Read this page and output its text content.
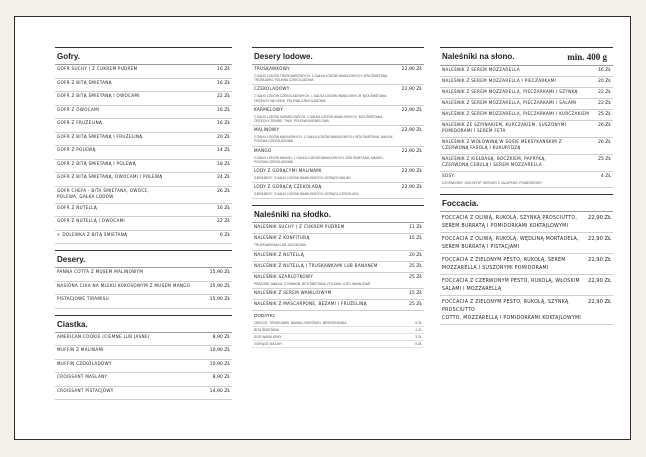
Gofry.
GOFR SUCHY | Z CUKREM PUDREM	16 ZŁ
GOFR Z BITĄ ŚMIETANĄ	16 ZŁ
GOFR Z BITĄ ŚMIETANĄ I OWOCAMI	22 ZŁ
GOFR Z OWOCAMI	16 ZŁ
GOFR Z FRUŻELINĄ	16 ZŁ
GOFR Z BITĄ ŚMIETANĄ I FRUŻELINĄ	20 ZŁ
GOFR Z POLEWĄ	14 ZŁ
GOFR Z BITĄ ŚMIETANĄ I POLEWĄ	18 ZŁ
GOFR Z BITĄ ŚMIETANĄ, OWOCAMI I POLEWĄ	24 ZŁ
GOFR CHEFA - BITA ŚMIETANA, OWOCE,
POLEWA, GAŁKA LODÓW
26 ZŁ
GOFR Z NUTELLĄ	16 ZŁ
GOFR Z NUTELLĄ I OWOCAMI	22 ZŁ
+ DOLEWKA Z BITĄ ŚMIETANĄ	6 ZŁ
Desery.
PANNA COTTA Z MUSEM MALINOWYM	15,90 ZŁ
NASIONA CHIA NA MLEKU KOKOSOWYM Z MUSEM MANGO	15,90 ZŁ
PISTACJOWE TIRAMISU	15,90 ZŁ
Ciastka.
AMERICAN COOKIE (CIEMNE LUB JASNE)	8,90 ZŁ
MUFFIN Z MALINAMI	10,90 ZŁ
MUFFIN CZEKOLADOWY	10,90 ZŁ
CROISSANT MAŚLANY	8,90 ZŁ
CROISSANT PISTACJOWY	14,90 ZŁ
Desery lodowe.
TRUSKAWKOWY
2 GAŁKI LODÓW TRUSKAWKOWYCH, 1 GAŁKA LODÓW WANILIOWYCH, BITA ŚMIETANA, TRUSKAWKI, POLEWA CZEKOLADOWA
22,90 ZŁ
CZEKOLADOWY
2 GAŁKI LODÓW CZEKOLADOWYCH, 1 GAŁKA LODÓW WANILIOWYCH, BITA ŚMIETANA, ORZECHY WŁOSKIE, POLEWA CZEKOLADOWA
22,90 ZŁ
KARMELOWY
2 GAŁKI LODÓW KARMELOWYCH, 1 GAŁKA LODÓW WANILIOWYCH, BITA ŚMIETANA, ORZECHY ZIEMNE, TWIX, POLEWA KARMELOWA
22,90 ZŁ
MALINOWY
2 GAŁKI LODÓW MALINOWYCH, 1 GAŁKA LODÓW WANILIOWYCH, BITA ŚMIETANA, MALINY, POLEWA CZEKOLADOWA
22,90 ZŁ
MANGO
2 GAŁKI LODÓW MANGO, 1 GAŁKA LODÓW WANILIOWYCH, BITA ŚMIETANA, MANGO, POLEWA CZEKOLADOWA
22,90 ZŁ
LODY Z GORĄCYMI MALINAMI
3 MINI BEZY, 3 GAŁKI LODÓW WANILIOWYCH, GORĄCE MALINY
22,90 ZŁ
LODY Z GORĄCĄ CZEKOLADĄ
3 MINI BEZY, 3 GAŁKI LODÓW WANILIOWYCH, GORĄCA CZEKOLADA
22,90 ZŁ
Naleśniki na słodko.
NALEŚNIK SUCHY | Z CUKREM PUDREM	11 ZŁ
NALEŚNIK Z KONFITURĄ
TRUSKAWKOWA LUB JAGODOWA
15 ZŁ
NALEŚNIK Z NUTELLĄ	20 ZŁ
NALEŚNIK Z NUTELLĄ I TRUSKAWKAMI LUB BANANEM	25 ZŁ
NALEŚNIK SZARLOTKOWY
PRAŻONE JABŁKA, CYNAMON, BITA ŚMIETANA, POLEWA, LODY WANILIOWE
25 ZŁ
NALEŚNIK Z SEREM WANILIOWYM	15 ZŁ
NALEŚNIK Z MASCARPONE, BEZAMI I FRUŻELINĄ	25 ZŁ
DODATKI:
OWOCE: TRUSKAWKI, BANAN, BORÓWKI, BRZOSKWINIA	6 ZŁ
BITA ŚMIETANA	4 ZŁ
SOS WANILIOWY	3 ZŁ
GORĄCE MALINY	5 ZŁ
Naleśniki na słono.	min. 400 g
NALEŚNIK Z SEREM MOZZARELLA	16 ZŁ
NALEŚNIK Z SEREM MOZZARELLA I PIECZARKAMI	20 ZŁ
NALEŚNIK Z SEREM MOZZARELLA, PIECZARKAMI I SZYNKĄ	22 ZŁ
NALEŚNIK Z SEREM MOZZARELLA, PIECZARKAMI I SALAMI	22 ZŁ
NALEŚNIK Z SEREM MOZZARELLA, PIECZARKAMI I KURCZAKIEM	25 ZŁ
NALEŚNIK ZE SZPINAKIEM, KURCZAKIEM, SUSZONYMI
POMIDORAMI I SEREM FETA
26 ZŁ
NALEŚNIK Z WOŁOWINĄ W SOSIE MEKSYKAŃSKIM Z
CZERWONĄ FASOLĄ I KUKURYDZĄ
26 ZŁ
NALEŚNIK Z KIEŁBASĄ, BOCZKIEM, PAPRYKĄ,
CZERWONĄ CEBULĄ I SEREM MOZZARELLA
25 ZŁ
SOSY:
CZOSNKOWY, 1000 WYSP, SEROWY Z JALAPENO, POMIDOROWY
4 ZŁ
Foccacia.
FOCCACIA Z OLIWĄ, RUKOLĄ, SZYNKĄ PROSCIUTTO,
SEREM BURRATĄ I POMIDORKAMI KOKTAJLOWYMI
22,90 ZŁ
FOCCACIA Z OLIWĄ, RUKOLĄ, WĘDLINĄ MORTADELA,
SEREM BURRATĄ I PISTACJAMI
22,90 ZŁ
FOCCACIA Z ZIELONYM PESTO, RUKOLĄ, SEREM
MOZZARELLA I SUSZONYMI POMIDORAMI
22,90 ZŁ
FOCCACIA Z CZERWONYM PESTO, RUKOLĄ, WŁOSKIM
SALAMI I MOZZARELLĄ
22,90 ZŁ
FOCCACIA Z ZIELONYM PESTO, RUKOLĄ, SZYNKĄ PROSCIUTTO
COTTO, MOZZARELLĄ I POMIDORKAMI KOKTAJLOWYMI
22,90 ZŁ
